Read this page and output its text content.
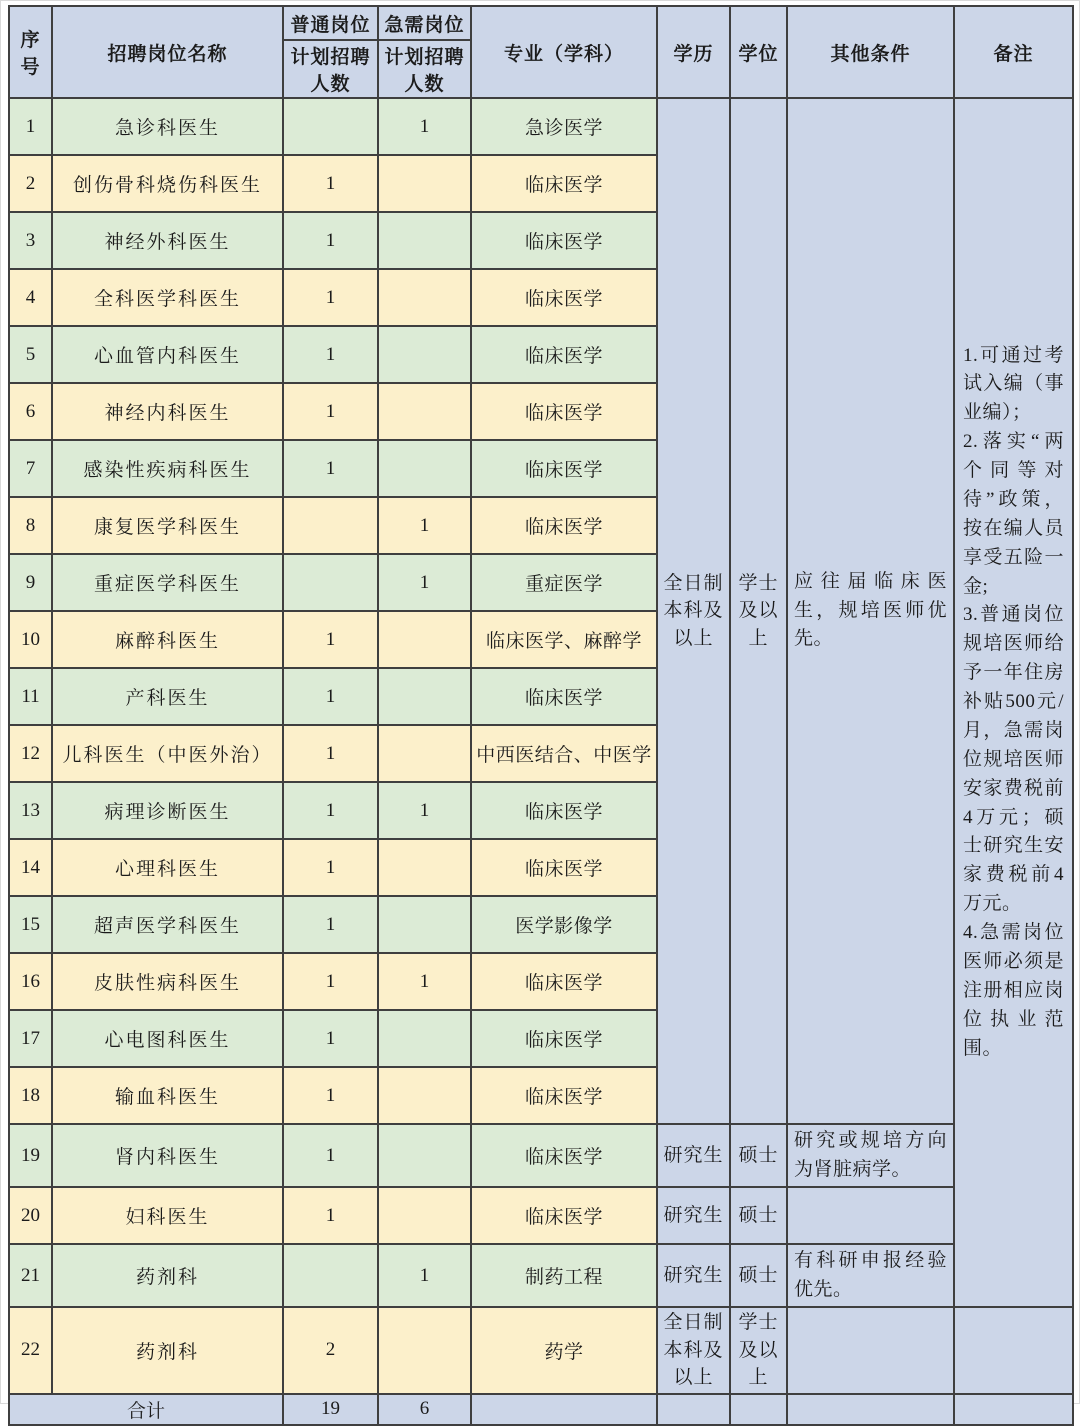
序号	招聘岗位名称	普通岗位	急需岗位	专业（学科）	学历	学位	其他条件	备注
		计划招聘人数	计划招聘人数					
1	急诊科医生		1	急诊医学	全日制本科及以上	学士及以上	应往届临床医生，规培医师优先。	1.可通过考试入编（事业编）；
2.落实“两个同等对待”政策，按在编人员享受五险一金;
3.普通岗位规培医师给予一年住房补贴500元/月，急需岗位规培医师安家费税前4万元；硕士研究生安家费税前4万元。
4.急需岗位医师必须是注册相应岗位执业范围。

2	创伤骨科烧伤科医生	1		临床医学				
3	神经外科医生	1		临床医学				
4	全科医学科医生	1		临床医学				
5	心血管内科医生	1		临床医学				
6	神经内科医生	1		临床医学				
7	感染性疾病科医生	1		临床医学				
8	康复医学科医生		1	临床医学				
9	重症医学科医生		1	重症医学				
10	麻醉科医生	1		临床医学、麻醉学				
11	产科医生	1		临床医学				
12	儿科医生（中医外治）	1		中西医结合、中医学				
13	病理诊断医生	1	1	临床医学				
14	心理科医生	1		临床医学				
15	超声医学科医生	1		医学影像学				
16	皮肤性病科医生	1	1	临床医学				
17	心电图科医生	1		临床医学				
18	输血科医生	1		临床医学				
19	肾内科医生	1		临床医学	研究生	硕士	研究或规培方向为肾脏病学。	
20	妇科医生	1		临床医学	研究生	硕士		
21	药剂科		1	制药工程	研究生	硕士	有科研申报经验优先。	
22	药剂科	2		药学	全日制本科及以上	学士及以上		
合计		19	6					
